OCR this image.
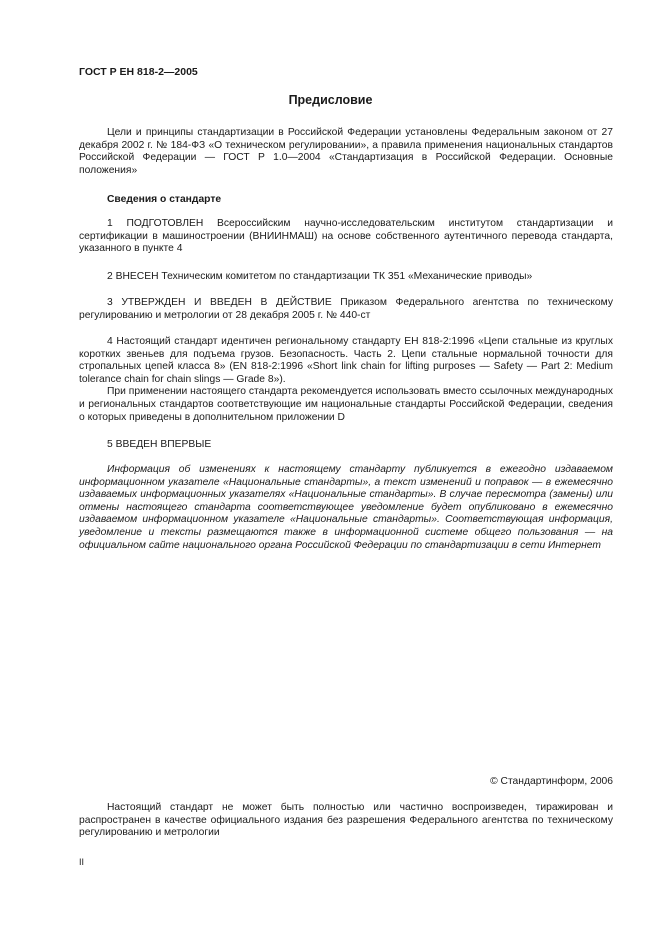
ГОСТ Р ЕН 818-2—2005
Предисловие

Цели и принципы стандартизации в Российской Федерации установлены Федеральным законом от 27 декабря 2002 г. № 184-ФЗ «О техническом регулировании», а правила применения национальных стандартов Российской Федерации — ГОСТ Р 1.0—2004 «Стандартизация в Российской Федерации. Основные положения»

Сведения о стандарте

1 ПОДГОТОВЛЕН Всероссийским научно-исследовательским институтом стандартизации и сертификации в машиностроении (ВНИИНМАШ) на основе собственного аутентичного перевода стандарта, указанного в пункте 4

2 ВНЕСЕН Техническим комитетом по стандартизации ТК 351 «Механические приводы»

3 УТВЕРЖДЕН И ВВЕДЕН В ДЕЙСТВИЕ Приказом Федерального агентства по техническому регулированию и метрологии от 28 декабря 2005 г. № 440-ст

4 Настоящий стандарт идентичен региональному стандарту ЕН 818-2:1996 «Цепи стальные из круглых коротких звеньев для подъема грузов. Безопасность. Часть 2. Цепи стальные нормальной точности для стропальных цепей класса 8» (EN 818-2:1996 «Short link chain for lifting purposes — Safety — Part 2: Medium tolerance chain for chain slings — Grade 8»).

При применении настоящего стандарта рекомендуется использовать вместо ссылочных международных и региональных стандартов соответствующие им национальные стандарты Российской Федерации, сведения о которых приведены в дополнительном приложении D

5 ВВЕДЕН ВПЕРВЫЕ

Информация об изменениях к настоящему стандарту публикуется в ежегодно издаваемом информационном указателе «Национальные стандарты», а текст изменений и поправок — в ежемесячно издаваемых информационных указателях «Национальные стандарты». В случае пересмотра (замены) или отмены настоящего стандарта соответствующее уведомление будет опубликовано в ежемесячно издаваемом информационном указателе «Национальные стандарты». Соответствующая информация, уведомление и тексты размещаются также в информационной системе общего пользования — на официальном сайте национального органа Российской Федерации по стандартизации в сети Интернет

© Стандартинформ, 2006

Настоящий стандарт не может быть полностью или частично воспроизведен, тиражирован и распространен в качестве официального издания без разрешения Федерального агентства по техническому регулированию и метрологии

II
